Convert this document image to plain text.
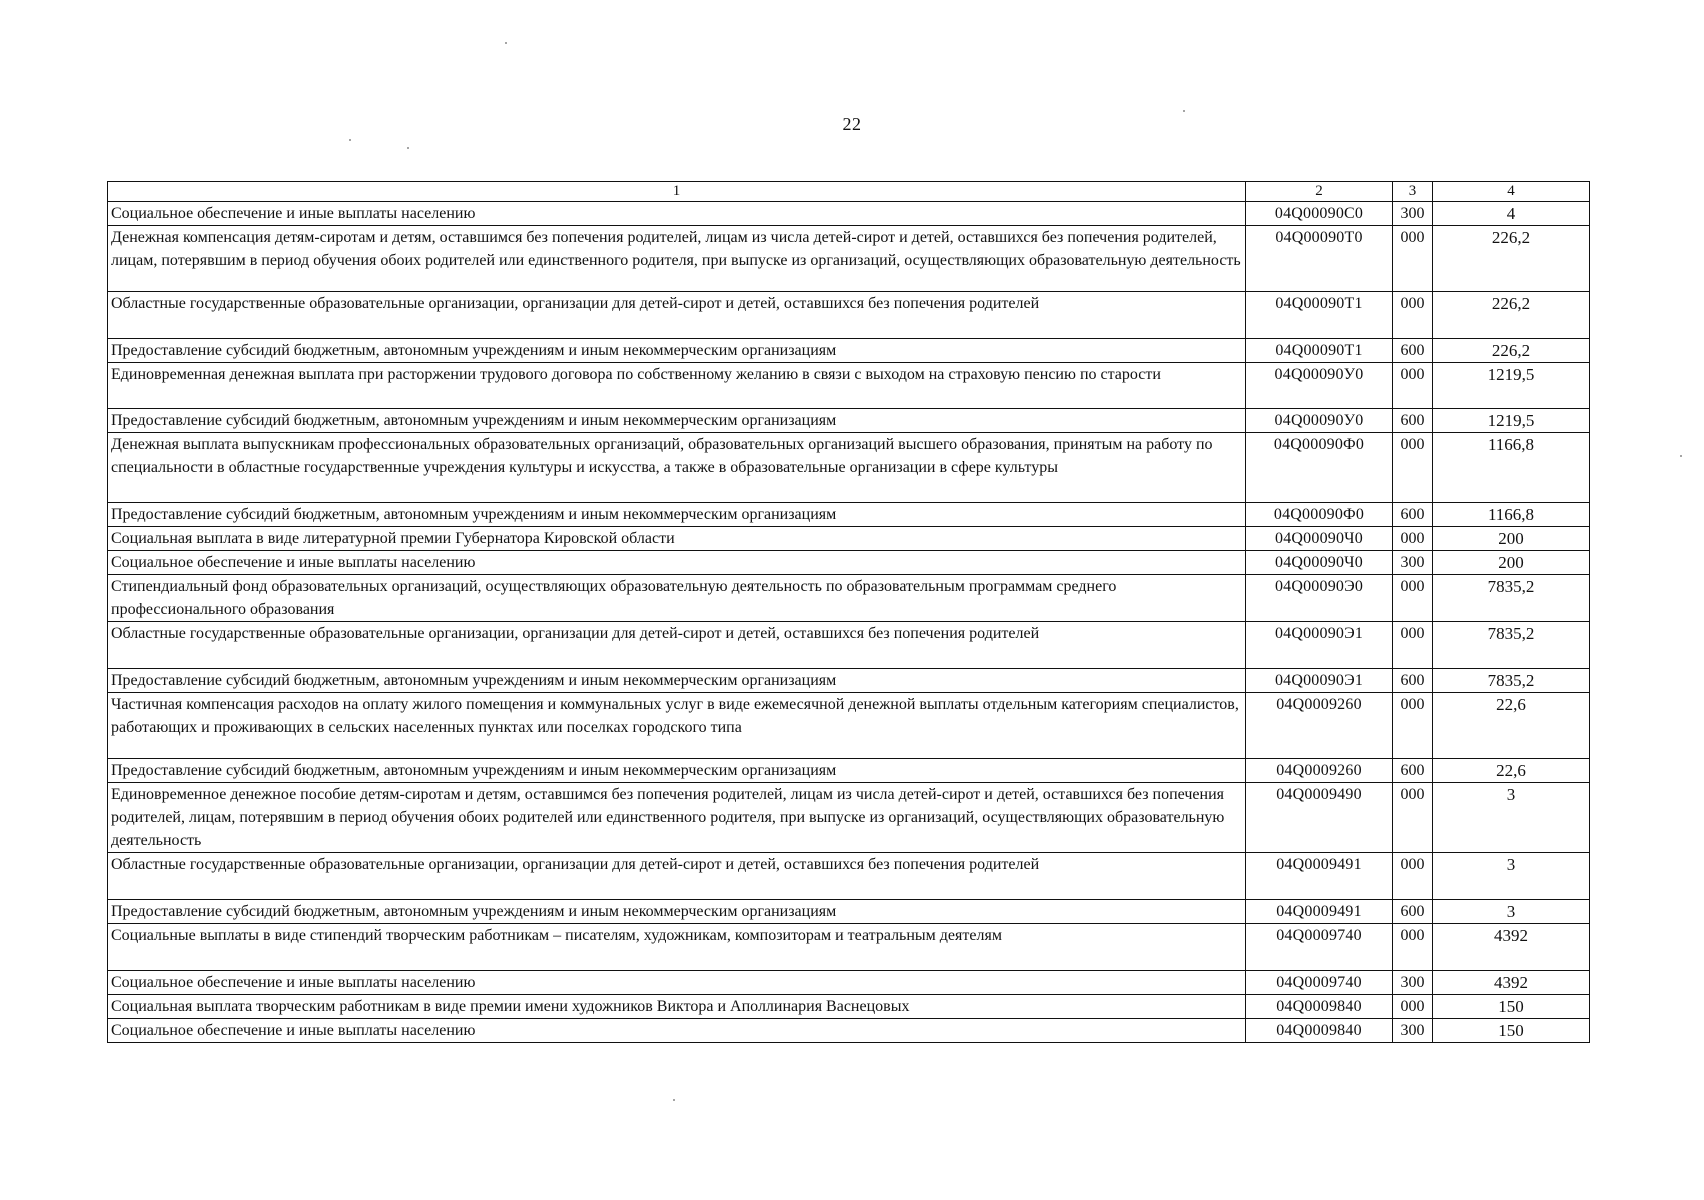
22
1	2	3	4
Социальное обеспечение и иные выплаты населению	04Q00090С0	300	4
Денежная компенсация детям-сиротам и детям, оставшимся без попечения родителей, лицам из числа детей-сирот и детей, оставшихся без попечения родителей, лицам, потерявшим в период обучения обоих родителей или единственного родителя, при выпуске из организаций, осуществляющих образовательную деятельность	04Q00090Т0	000	226,2
Областные государственные образовательные организации, организации для детей-сирот и детей, оставшихся без попечения родителей	04Q00090Т1	000	226,2
Предоставление субсидий бюджетным, автономным учреждениям и иным некоммерческим организациям	04Q00090Т1	600	226,2
Единовременная денежная выплата при расторжении трудового договора по собственному желанию в связи с выходом на страховую пенсию по старости	04Q00090У0	000	1219,5
Предоставление субсидий бюджетным, автономным учреждениям и иным некоммерческим организациям	04Q00090У0	600	1219,5
Денежная выплата выпускникам профессиональных образовательных организаций, образовательных организаций высшего образования, принятым на работу по специальности в областные государственные учреждения культуры и искусства, а также в образовательные организации в сфере культуры	04Q00090Ф0	000	1166,8
Предоставление субсидий бюджетным, автономным учреждениям и иным некоммерческим организациям	04Q00090Ф0	600	1166,8
Социальная выплата в виде литературной премии Губернатора Кировской области	04Q00090Ч0	000	200
Социальное обеспечение и иные выплаты населению	04Q00090Ч0	300	200
Стипендиальный фонд образовательных организаций, осуществляющих образовательную деятельность по образовательным программам среднего профессионального образования	04Q00090Э0	000	7835,2
Областные государственные образовательные организации, организации для детей-сирот и детей, оставшихся без попечения родителей	04Q00090Э1	000	7835,2
Предоставление субсидий бюджетным, автономным учреждениям и иным некоммерческим организациям	04Q00090Э1	600	7835,2
Частичная компенсация расходов на оплату жилого помещения и коммунальных услуг в виде ежемесячной денежной выплаты отдельным категориям специалистов, работающих и проживающих в сельских населенных пунктах или поселках городского типа	04Q0009260	000	22,6
Предоставление субсидий бюджетным, автономным учреждениям и иным некоммерческим организациям	04Q0009260	600	22,6
Единовременное денежное пособие детям-сиротам и детям, оставшимся без попечения родителей, лицам из числа детей-сирот и детей, оставшихся без попечения родителей, лицам, потерявшим в период обучения обоих родителей или единственного родителя, при выпуске из организаций, осуществляющих образовательную деятельность	04Q0009490	000	3
Областные государственные образовательные организации, организации для детей-сирот и детей, оставшихся без попечения родителей	04Q0009491	000	3
Предоставление субсидий бюджетным, автономным учреждениям и иным некоммерческим организациям	04Q0009491	600	3
Социальные выплаты в виде стипендий творческим работникам – писателям, художникам, композиторам и театральным деятелям	04Q0009740	000	4392
Социальное обеспечение и иные выплаты населению	04Q0009740	300	4392
Социальная выплата творческим работникам в виде премии имени художников Виктора и Аполлинария Васнецовых	04Q0009840	000	150
Социальное обеспечение и иные выплаты населению	04Q0009840	300	150
